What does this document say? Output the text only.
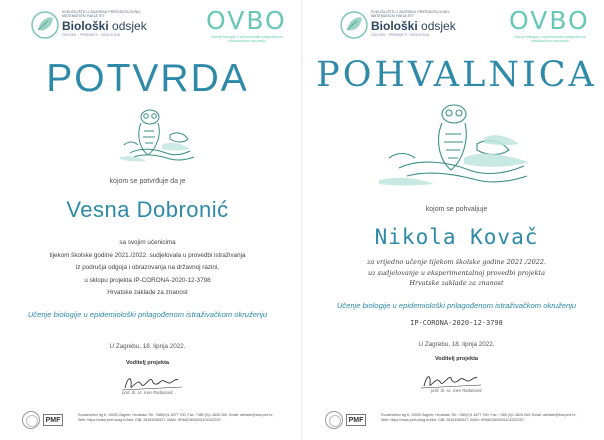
SVEUČILIŠTE U ZAGREBU PRIRODOSLOVNO-MATEMATIČKI FAKULTET
Biološki odsjek
ODSJEK · PREDMETI · BIOLOGIJA	OVBO
Učenje biologije u epidemiološki prilagođenom istraživačkom okruženju
POTVRDA
kojom se potvrđuje da je
Vesna Dobronić
sa svojim učenicima
tijekom školske godine 2021./2022. sudjelovala u provedbi istraživanja
iz područja odgoja i obrazovanja na državnoj razini,
u sklopu projekta IP-CORONA-2020-12-3798
Hrvatske zaklade za znanost
Učenje biologije u epidemiološki prilagođenom istraživačkom okruženju
U Zagrebu, 18. lipnja 2022.
Voditelj projekta
prof. dr. sc. Ines Radanović
PMF
Rooseveltov trg 6, 10000 Zagreb, Hrvatska; Tel: +385(0)1 4877 700; Fax: +385 (0)1 4826 260; Email: website@biol.pmf.hr;
Web: https://www.pmf.unizg.hr/biol; OIB: 28163265527; IBAN: HR6823600001101522220
SVEUČILIŠTE U ZAGREBU PRIRODOSLOVNO-MATEMATIČKI FAKULTET
Biološki odsjek
ODSJEK · PREDMETI · BIOLOGIJA	OVBO
Učenje biologije u epidemiološki prilagođenom istraživačkom okruženju
POHVALNICA
kojom se pohvaljuje
Nikola Kovač
za vrijedno učenje tijekom školske godine 2021./2022.
uz sudjelovanje u eksperimentalnoj provedbi projekta
Hrvatske zaklade za znanost
Učenje biologije u epidemiološki prilagođenom istraživačkom okruženju
IP-CORONA-2020-12-3798
U Zagrebu, 18. lipnja 2022.
Voditelj projekta
prof. dr. sc. Ines Radanović
PMF
Rooseveltov trg 6, 10000 Zagreb, Hrvatska; Tel: +385(0)1 4877 700; Fax: +385 (0)1 4826 260; Email: website@biol.pmf.hr;
Web: https://www.pmf.unizg.hr/biol; OIB: 28163265527; IBAN: HR6823600001101522220
